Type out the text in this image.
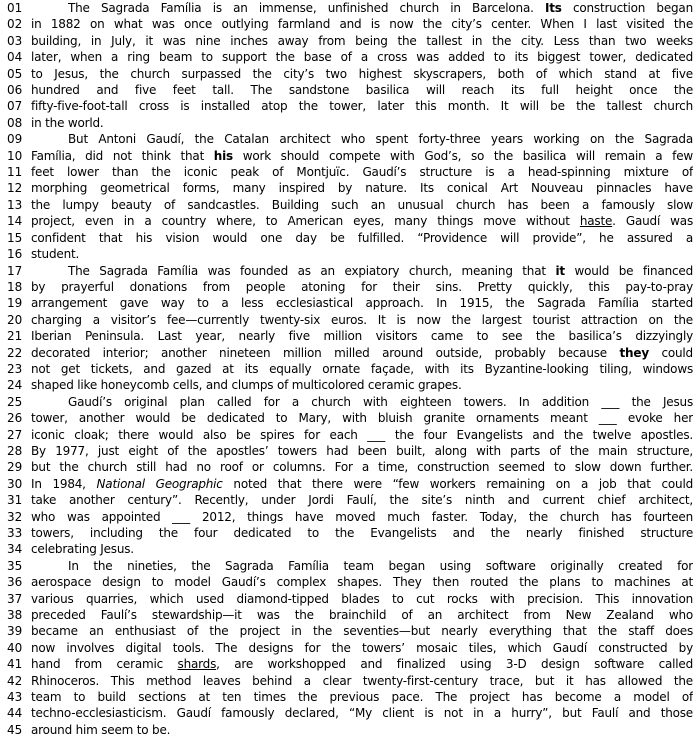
01	The Sagrada Família is an immense, unfinished church in Barcelona. Its construction began
02 in 1882 on what was once outlying farmland and is now the city’s center. When I last visited the
03 building, in July, it was nine inches away from being the tallest in the city. Less than two weeks
04 later, when a ring beam to support the base of a cross was added to its biggest tower, dedicated
05 to Jesus, the church surpassed the city’s two highest skyscrapers, both of which stand at five
06 hundred and five feet tall. The sandstone basilica will reach its full height once the
07 fifty-five-foot-tall cross is installed atop the tower, later this month. It will be the tallest church
08 in the world.
09	But Antoni Gaudí, the Catalan architect who spent forty-three years working on the Sagrada
10 Família, did not think that his work should compete with God’s, so the basilica will remain a few
11 feet lower than the iconic peak of Montjuïc. Gaudí’s structure is a head-spinning mixture of
12 morphing geometrical forms, many inspired by nature. Its conical Art Nouveau pinnacles have
13 the lumpy beauty of sandcastles. Building such an unusual church has been a famously slow
14 project, even in a country where, to American eyes, many things move without haste. Gaudí was
15 confident that his vision would one day be fulfilled. “Providence will provide”, he assured a
16 student.
17	The Sagrada Família was founded as an expiatory church, meaning that it would be financed
18 by prayerful donations from people atoning for their sins. Pretty quickly, this pay-to-pray
19 arrangement gave way to a less ecclesiastical approach. In 1915, the Sagrada Família started
20 charging a visitor’s fee—currently twenty-six euros. It is now the largest tourist attraction on the
21 Iberian Peninsula. Last year, nearly five million visitors came to see the basilica’s dizzyingly
22 decorated interior; another nineteen million milled around outside, probably because they could
23 not get tickets, and gazed at its equally ornate façade, with its Byzantine-looking tiling, windows
24 shaped like honeycomb cells, and clumps of multicolored ceramic grapes.
25	Gaudí’s original plan called for a church with eighteen towers. In addition ___ the Jesus
26 tower, another would be dedicated to Mary, with bluish granite ornaments meant ___ evoke her
27 iconic cloak; there would also be spires for each ___ the four Evangelists and the twelve apostles.
28 By 1977, just eight of the apostles’ towers had been built, along with parts of the main structure,
29 but the church still had no roof or columns. For a time, construction seemed to slow down further.
30 In 1984, National Geographic noted that there were “few workers remaining on a job that could
31 take another century”. Recently, under Jordi Faulí, the site’s ninth and current chief architect,
32 who was appointed ___ 2012, things have moved much faster. Today, the church has fourteen
33 towers, including the four dedicated to the Evangelists and the nearly finished structure
34 celebrating Jesus.
35	In the nineties, the Sagrada Família team began using software originally created for
36 aerospace design to model Gaudí’s complex shapes. They then routed the plans to machines at
37 various quarries, which used diamond-tipped blades to cut rocks with precision. This innovation
38 preceded Faulí’s stewardship—it was the brainchild of an architect from New Zealand who
39 became an enthusiast of the project in the seventies—but nearly everything that the staff does
40 now involves digital tools. The designs for the towers’ mosaic tiles, which Gaudí constructed by
41 hand from ceramic shards, are workshopped and finalized using 3-D design software called
42 Rhinoceros. This method leaves behind a clear twenty-first-century trace, but it has allowed the
43 team to build sections at ten times the previous pace. The project has become a model of
44 techno-ecclesiasticism. Gaudí famously declared, “My client is not in a hurry”, but Faulí and those
45 around him seem to be.
